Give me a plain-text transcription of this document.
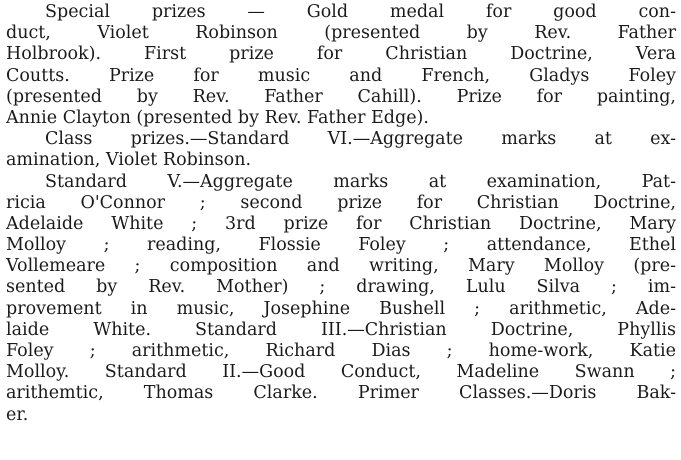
Special prizes — Gold medal for good con-
duct, Violet Robinson (presented by Rev. Father
Holbrook). First prize for Christian Doctrine, Vera
Coutts. Prize for music and French, Gladys Foley
(presented by Rev. Father Cahill). Prize for painting,
Annie Clayton (presented by Rev. Father Edge).
Class prizes.—Standard VI.—Aggregate marks at ex-
amination, Violet Robinson.
Standard V.—Aggregate marks at examination, Pat-
ricia O'Connor ; second prize for Christian Doctrine,
Adelaide White ; 3rd prize for Christian Doctrine, Mary
Molloy ; reading, Flossie Foley ; attendance, Ethel
Vollemeare ; composition and writing, Mary Molloy (pre-
sented by Rev. Mother) ; drawing, Lulu Silva ; im-
provement in music, Josephine Bushell ; arithmetic, Ade-
laide White. Standard III.—Christian Doctrine, Phyllis
Foley ; arithmetic, Richard Dias ; home-work, Katie
Molloy. Standard II.—Good Conduct, Madeline Swann ;
arithemtic, Thomas Clarke. Primer Classes.—Doris Bak-
er.
